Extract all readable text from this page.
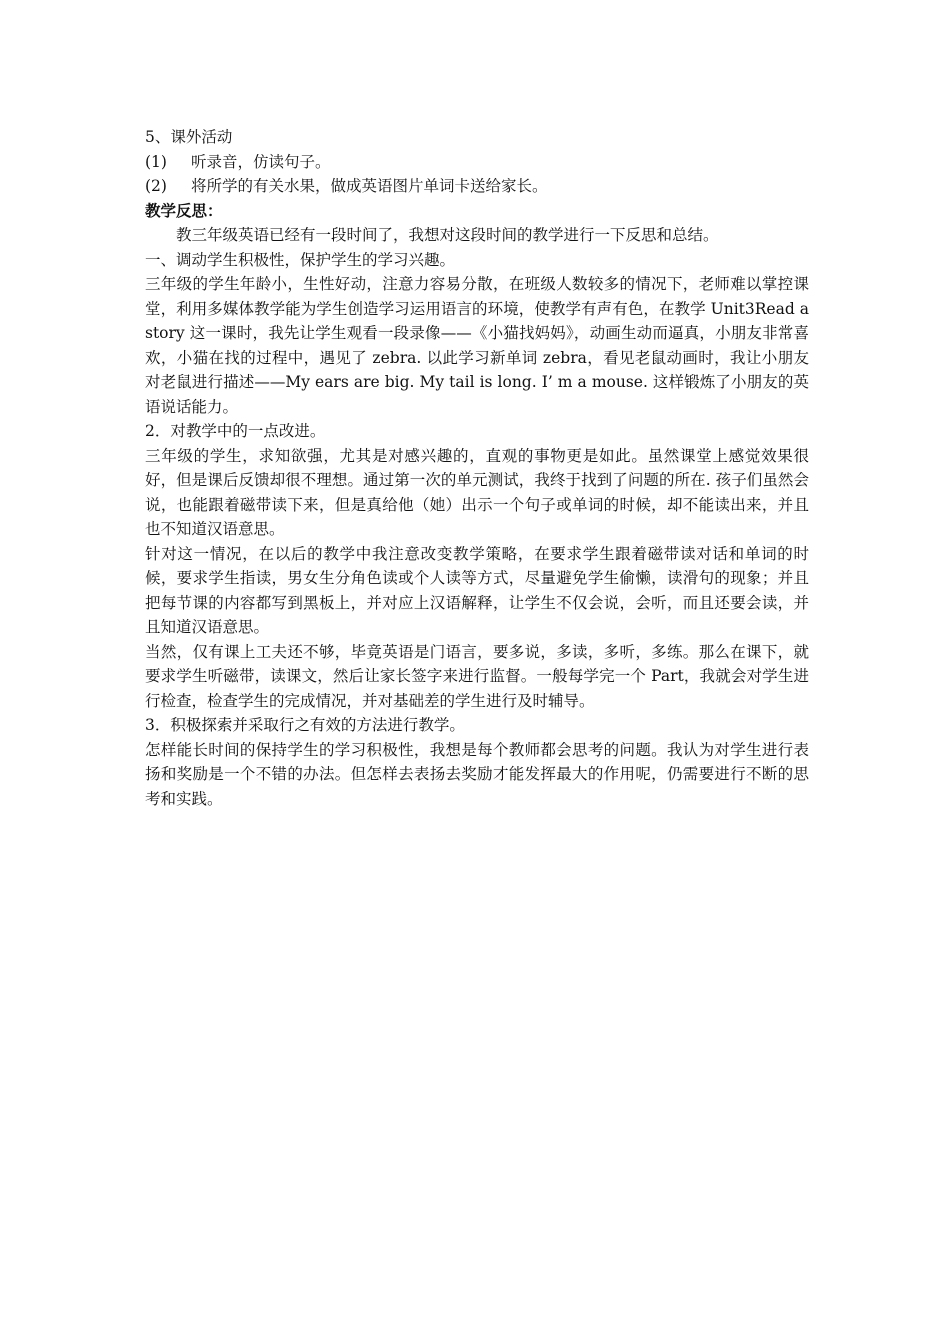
5、课外活动

(1)	听录音，仿读句子。
(2)	将所学的有关水果，做成英语图片单词卡送给家长。

教学反思：

教三年级英语已经有一段时间了，我想对这段时间的教学进行一下反思和总结。

一、调动学生积极性，保护学生的学习兴趣。

三年级的学生年龄小，生性好动，注意力容易分散，在班级人数较多的情况下，老师难以掌控课堂，利用多媒体教学能为学生创造学习运用语言的环境，使教学有声有色，在教学 Unit3Read a story 这一课时，我先让学生观看一段录像——《小猫找妈妈》，动画生动而逼真，小朋友非常喜欢，小猫在找的过程中，遇见了 zebra. 以此学习新单词 zebra，看见老鼠动画时，我让小朋友对老鼠进行描述——My ears are big. My tail is long. I’ m a mouse. 这样锻炼了小朋友的英语说话能力。

2．对教学中的一点改进。

三年级的学生，求知欲强，尤其是对感兴趣的，直观的事物更是如此。虽然课堂上感觉效果很好，但是课后反馈却很不理想。通过第一次的单元测试，我终于找到了问题的所在. 孩子们虽然会说，也能跟着磁带读下来，但是真给他（她）出示一个句子或单词的时候，却不能读出来，并且也不知道汉语意思。

针对这一情况，在以后的教学中我注意改变教学策略，在要求学生跟着磁带读对话和单词的时候，要求学生指读，男女生分角色读或个人读等方式，尽量避免学生偷懒，读滑句的现象；并且把每节课的内容都写到黑板上，并对应上汉语解释，让学生不仅会说，会听，而且还要会读，并且知道汉语意思。

当然，仅有课上工夫还不够，毕竟英语是门语言，要多说，多读，多听，多练。那么在课下，就要求学生听磁带，读课文，然后让家长签字来进行监督。一般每学完一个 Part，我就会对学生进行检查，检查学生的完成情况，并对基础差的学生进行及时辅导。

3．积极探索并采取行之有效的方法进行教学。

怎样能长时间的保持学生的学习积极性，我想是每个教师都会思考的问题。我认为对学生进行表扬和奖励是一个不错的办法。但怎样去表扬去奖励才能发挥最大的作用呢，仍需要进行不断的思考和实践。
